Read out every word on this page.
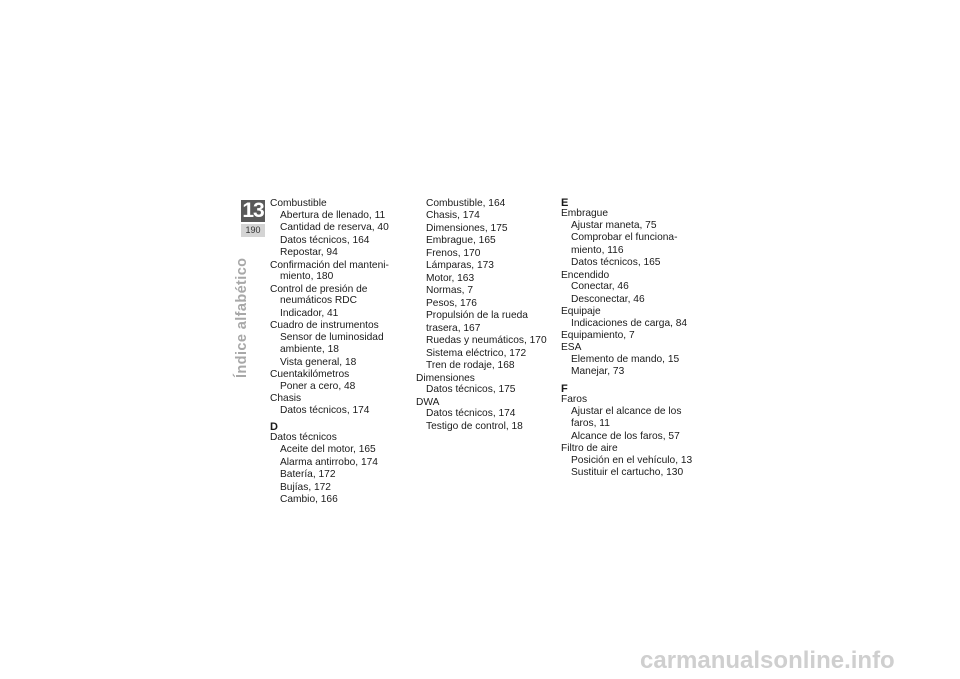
13
190
Índice alfabético
Combustible
Abertura de llenado, 11
Cantidad de reserva, 40
Datos técnicos, 164
Repostar, 94
Confirmación del manteni-
miento, 180
Control de presión de
neumáticos RDC
Indicador, 41
Cuadro de instrumentos
Sensor de luminosidad
ambiente, 18
Vista general, 18
Cuentakilómetros
Poner a cero, 48
Chasis
Datos técnicos, 174
D
Datos técnicos
Aceite del motor, 165
Alarma antirrobo, 174
Batería, 172
Bujías, 172
Cambio, 166
Combustible, 164
Chasis, 174
Dimensiones, 175
Embrague, 165
Frenos, 170
Lámparas, 173
Motor, 163
Normas, 7
Pesos, 176
Propulsión de la rueda
trasera, 167
Ruedas y neumáticos, 170
Sistema eléctrico, 172
Tren de rodaje, 168
Dimensiones
Datos técnicos, 175
DWA
Datos técnicos, 174
Testigo de control, 18
E
Embrague
Ajustar maneta, 75
Comprobar el funciona-
miento, 116
Datos técnicos, 165
Encendido
Conectar, 46
Desconectar, 46
Equipaje
Indicaciones de carga, 84
Equipamiento, 7
ESA
Elemento de mando, 15
Manejar, 73
F
Faros
Ajustar el alcance de los
faros, 11
Alcance de los faros, 57
Filtro de aire
Posición en el vehículo, 13
Sustituir el cartucho, 130
carmanualsonline.info
